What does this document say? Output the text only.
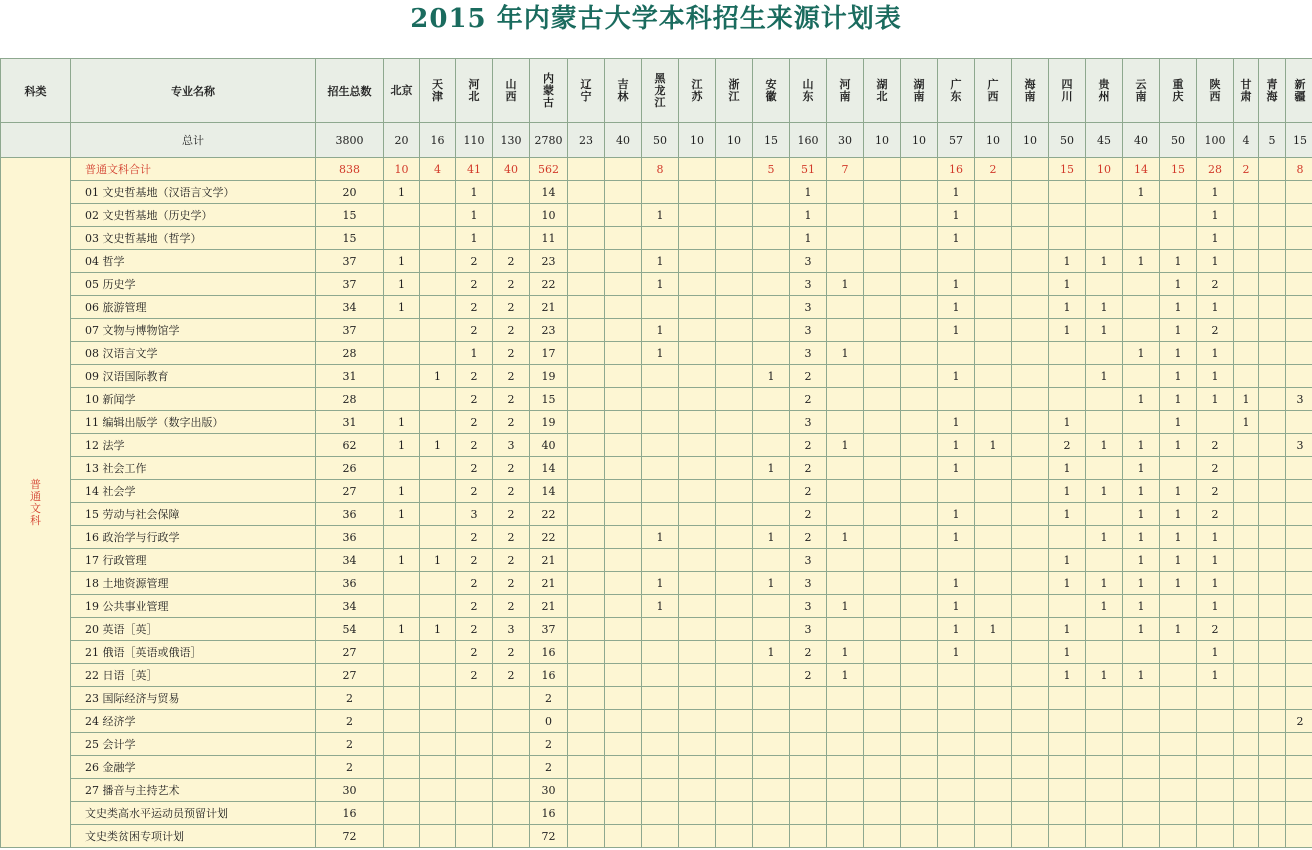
2015 年内蒙古大学本科招生来源计划表
科类	专业名称	招生总数	北京	天津	河北	山西	内蒙古	辽宁	吉林	黑龙江	江苏	浙江	安徽	山东	河南	湖北	湖南	广东	广西	海南	四川	贵州	云南	重庆	陕西	甘肃	青海	新疆
	总计	3800	20	16	110	130	2780	23	40	50	10	10	15	160	30	10	10	57	10	10	50	45	40	50	100	4	5	15
普通文科	普通文科合计	838	10	4	41	40	562			8			5	51	7			16	2		15	10	14	15	28	2		8
	01 文史哲基地（汉语言文学）	20	1		1		14							1				1					1		1			
	02 文史哲基地（历史学）	15			1		10			1				1				1							1			
	03 文史哲基地（哲学）	15			1		11							1				1							1			
	04 哲学	37	1		2	2	23			1				3							1	1	1	1	1			
	05 历史学	37	1		2	2	22			1				3	1			1			1			1	2			
	06 旅游管理	34	1		2	2	21							3				1			1	1		1	1			
	07 文物与博物馆学	37			2	2	23			1				3				1			1	1		1	2			
	08 汉语言文学	28			1	2	17			1				3	1								1	1	1			
	09 汉语国际教育	31		1	2	2	19						1	2				1				1		1	1			
	10 新闻学	28			2	2	15							2									1	1	1	1		3
	11 编辑出版学（数字出版）	31	1		2	2	19							3				1			1			1		1		
	12 法学	62	1	1	2	3	40							2	1			1	1		2	1	1	1	2			3
	13 社会工作	26			2	2	14						1	2				1			1		1		2			
	14 社会学	27	1		2	2	14							2							1	1	1	1	2			
	15 劳动与社会保障	36	1		3	2	22							2				1			1		1	1	2			
	16 政治学与行政学	36			2	2	22			1			1	2	1			1				1	1	1	1			
	17 行政管理	34	1	1	2	2	21							3							1		1	1	1			
	18 土地资源管理	36			2	2	21			1			1	3				1			1	1	1	1	1			
	19 公共事业管理	34			2	2	21			1				3	1			1				1	1		1			
	20 英语［英］	54	1	1	2	3	37							3				1	1		1		1	1	2			
	21 俄语［英语或俄语］	27			2	2	16						1	2	1			1			1				1			
	22 日语［英］	27			2	2	16							2	1						1	1	1		1			
	23 国际经济与贸易	2					2																					
	24 经济学	2					0																					2
	25 会计学	2					2																					
	26 金融学	2					2																					
	27 播音与主持艺术	30					30																					
	文史类高水平运动员预留计划	16					16																					
	文史类贫困专项计划	72					72																					
